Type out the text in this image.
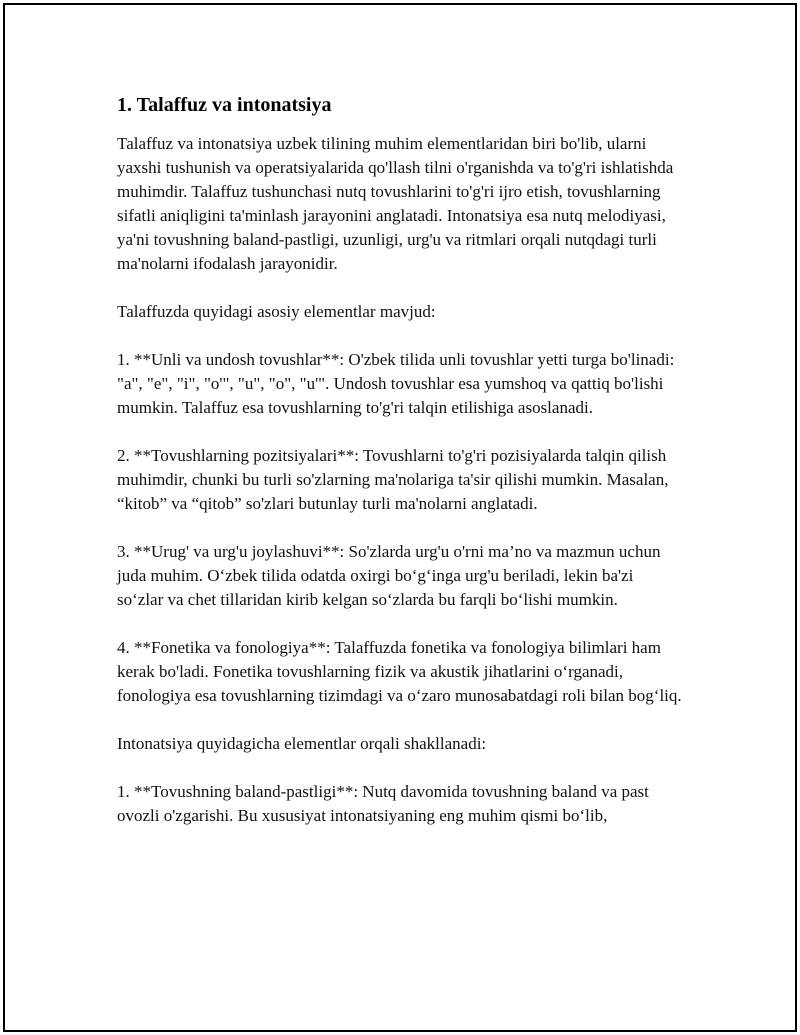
1. Talaffuz va intonatsiya

Talaffuz va intonatsiya uzbek tilining muhim elementlaridan biri bo'lib, ularni yaxshi tushunish va operatsiyalarida qo'llash tilni o'rganishda va to'g'ri ishlatishda muhimdir. Talaffuz tushunchasi nutq tovushlarini to'g'ri ijro etish, tovushlarning sifatli aniqligini ta'minlash jarayonini anglatadi. Intonatsiya esa nutq melodiyasi, ya'ni tovushning baland-pastligi, uzunligi, urg'u va ritmlari orqali nutqdagi turli ma'nolarni ifodalash jarayonidir.

Talaffuzda quyidagi asosiy elementlar mavjud:

1. **Unli va undosh tovushlar**: O'zbek tilida unli tovushlar yetti turga bo'linadi: "a", "e", "i", "o'", "u", "o", "u'". Undosh tovushlar esa yumshoq va qattiq bo'lishi mumkin. Talaffuz esa tovushlarning to'g'ri talqin etilishiga asoslanadi.

2. **Tovushlarning pozitsiyalari**: Tovushlarni to'g'ri pozisiyalarda talqin qilish muhimdir, chunki bu turli so'zlarning ma'nolariga ta'sir qilishi mumkin. Masalan, “kitob” va “qitob” so'zlari butunlay turli ma'nolarni anglatadi.

3. **Urug' va urg'u joylashuvi**: So'zlarda urg'u o'rni ma’no va mazmun uchun juda muhim. O‘zbek tilida odatda oxirgi bo‘g‘inga urg'u beriladi, lekin ba'zi so‘zlar va chet tillaridan kirib kelgan so‘zlarda bu farqli bo‘lishi mumkin.

4. **Fonetika va fonologiya**: Talaffuzda fonetika va fonologiya bilimlari ham kerak bo'ladi. Fonetika tovushlarning fizik va akustik jihatlarini o‘rganadi, fonologiya esa tovushlarning tizimdagi va o‘zaro munosabatdagi roli bilan bog‘liq.

Intonatsiya quyidagicha elementlar orqali shakllanadi:

1. **Tovushning baland-pastligi**: Nutq davomida tovushning baland va past ovozli o'zgarishi. Bu xususiyat intonatsiyaning eng muhim qismi bo‘lib,
